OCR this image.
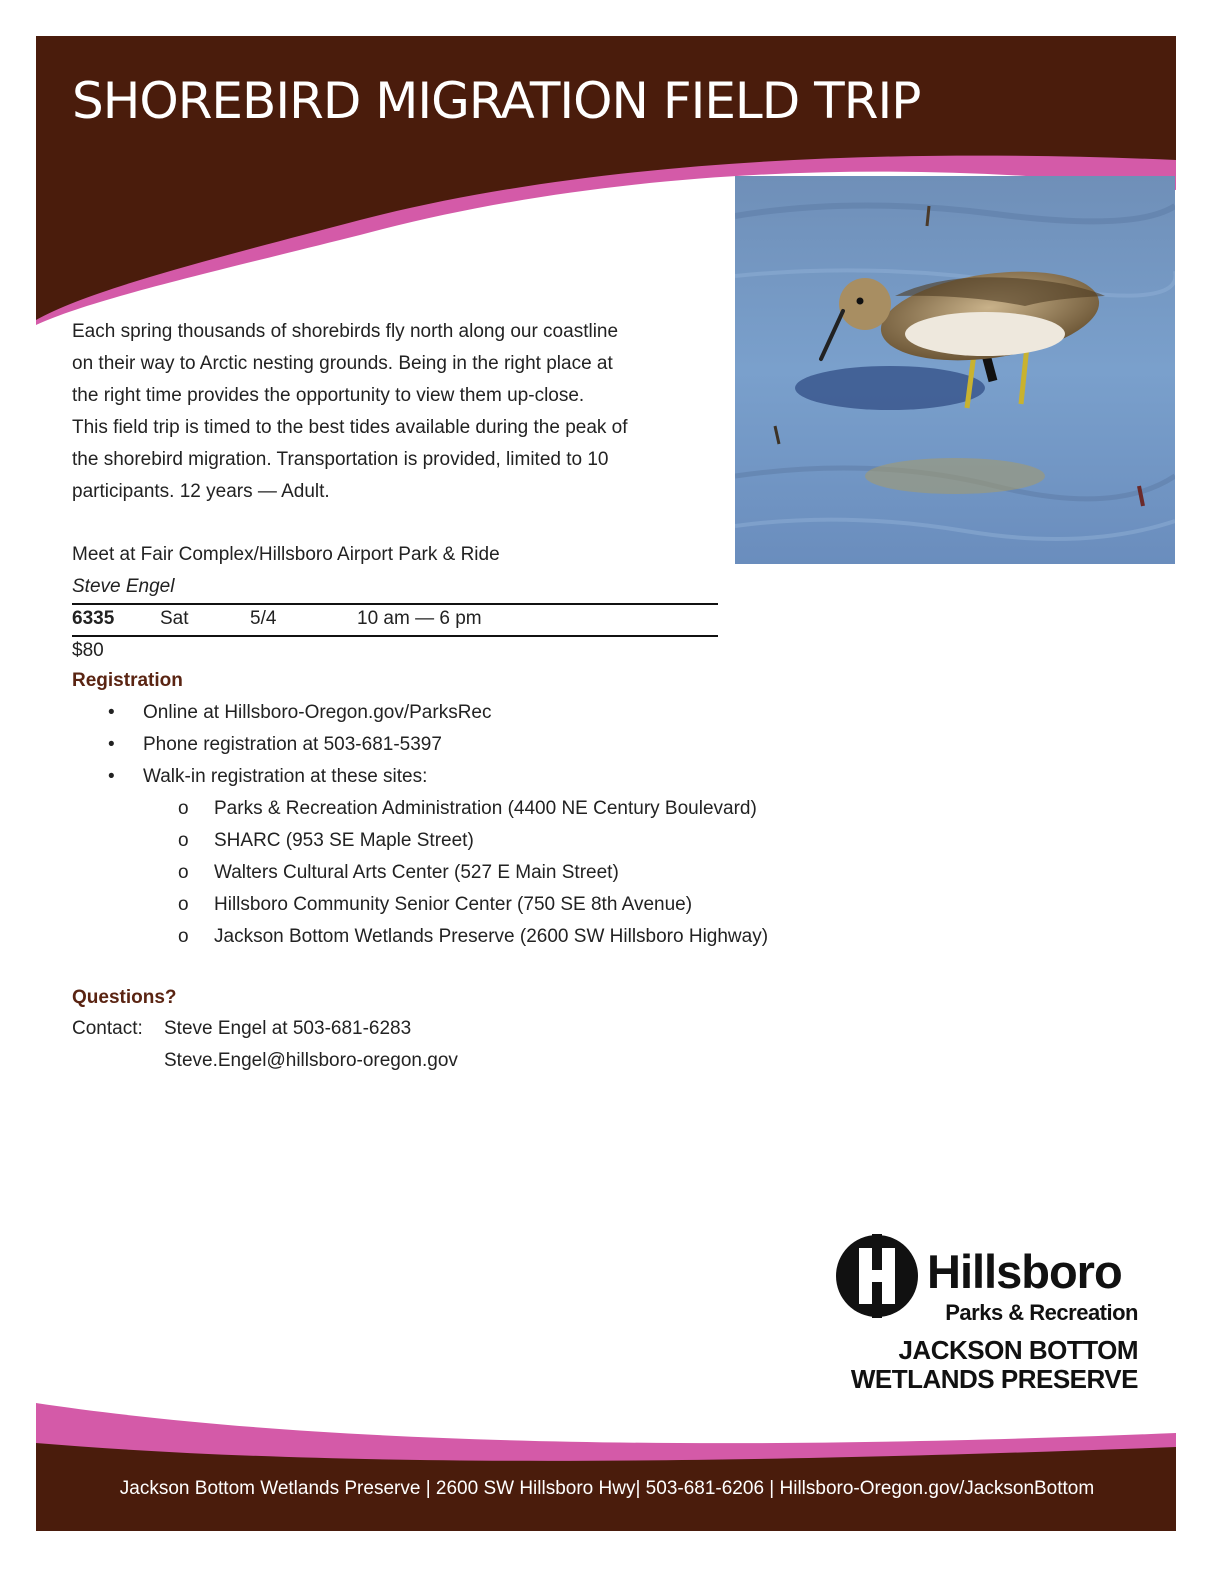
SHOREBIRD MIGRATION FIELD TRIP
Each spring thousands of shorebirds fly north along our coastline
on their way to Arctic nesting grounds. Being in the right place at
the right time provides the opportunity to view them up-close.
This field trip is timed to the best tides available during the peak of
the shorebird migration. Transportation is provided, limited to 10
participants. 12 years — Adult.
Meet at Fair Complex/Hillsboro Airport Park & Ride
Steve Engel
6335 Sat	5/4	10 am — 6 pm
$80
Registration
• Online at Hillsboro-Oregon.gov/ParksRec
• Phone registration at 503-681-5397
• Walk-in registration at these sites:
o Parks & Recreation Administration (4400 NE Century Boulevard)
o SHARC (953 SE Maple Street)
o Walters Cultural Arts Center (527 E Main Street)
o Hillsboro Community Senior Center (750 SE 8th Avenue)
o Jackson Bottom Wetlands Preserve (2600 SW Hillsboro Highway)
Questions?
Contact: Steve Engel at 503-681-6283
Steve.Engel@hillsboro-oregon.gov
Hillsboro
Parks & Recreation
JACKSON BOTTOM
WETLANDS PRESERVE
Jackson Bottom Wetlands Preserve | 2600 SW Hillsboro Hwy| 503-681-6206 | Hillsboro-Oregon.gov/JacksonBottom
